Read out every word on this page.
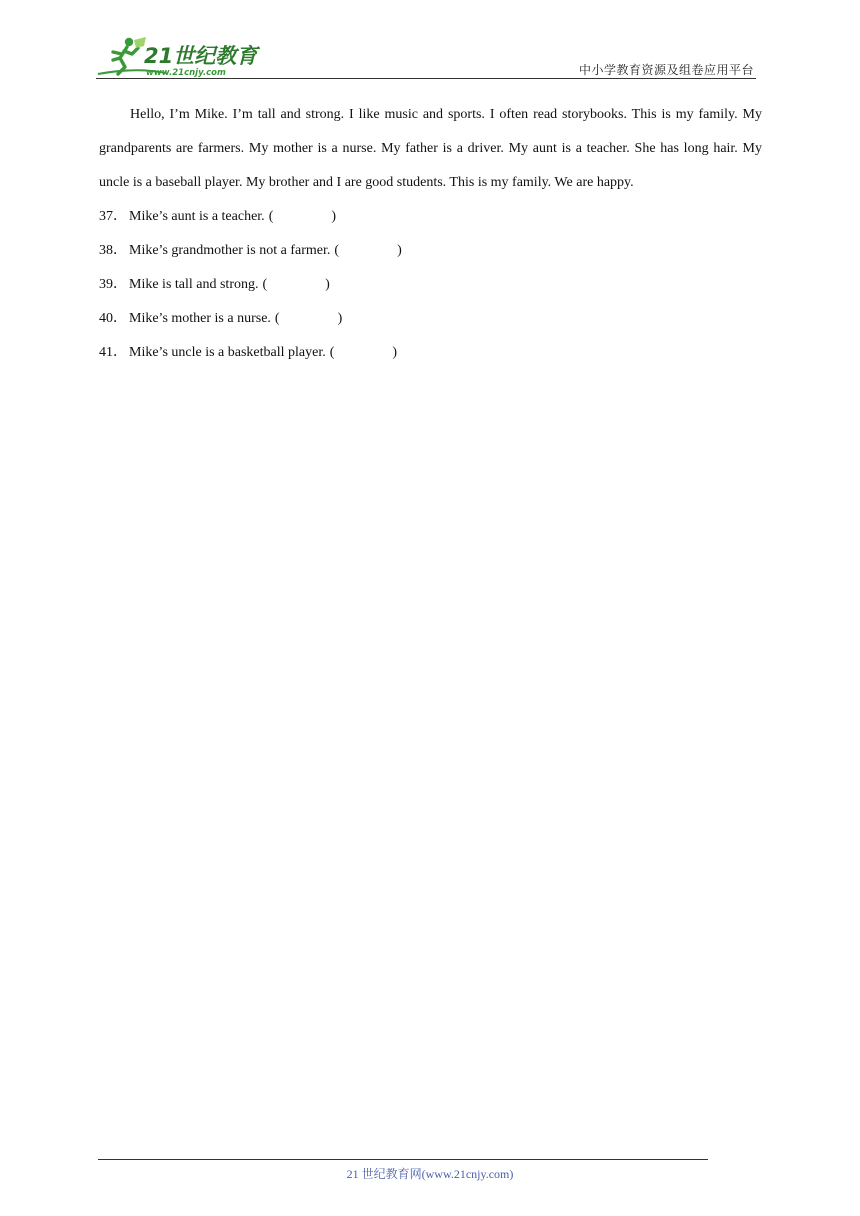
21世纪教育
www.21cnjy.com	中小学教育资源及组卷应用平台

Hello, I’m Mike. I’m tall and strong. I like music and sports. I often read storybooks. This is my family. My grandparents are farmers. My mother is a nurse. My father is a driver. My aunt is a teacher. She has long hair. My uncle is a baseball player. My brother and I are good students. This is my family. We are happy.

37． Mike’s aunt is a teacher. (	)
38． Mike’s grandmother is not a farmer. (	)
39． Mike is tall and strong. (	)
40． Mike’s mother is a nurse. (	)
41． Mike’s uncle is a basketball player. (	)
21 世纪教育网(www.21cnjy.com)
